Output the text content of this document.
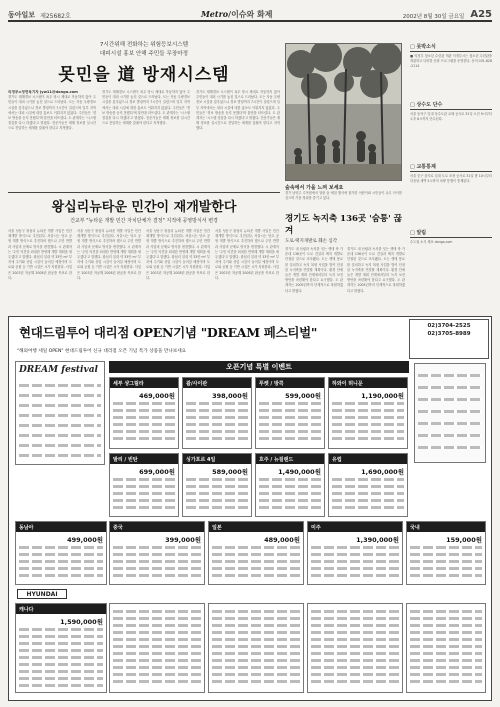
동아일보 제25682호	Metro/이슈와 화제	2002년 8월 30일 금요일 A25
7시간위해 전화하는 위험등보시스템
대피시설 홍보 안해 주민들 무장마정
못민을 道 방재시스템
의정부=정연욱기자 jyw11@donga.com
경기도 재해경보 시스템이 폭우 당시 제대로 작동하지 않아 주민들이 대피 시기를 놓친 것으로 드러났다. 도는 자동 우량경보 시설을 갖추었으나 경보 발령까지 7시간이 걸렸으며 일부 지역에서는 대피 시설에 대한 홍보도 이뤄지지 않았다. 주민들은 '경보 방송을 듣지 못했다'며 불만을 터뜨렸다. 도 관계자는 '시스템 점검을 다시 하겠다'고 밝혔다. 전문가들은 재해 정보를 실시간으로 전달하는 체계를 갖춰야 한다고 지적했다.
경기도 재해경보 시스템이 폭우 당시 제대로 작동하지 않아 주민들이 대피 시기를 놓친 것으로 드러났다. 도는 자동 우량경보 시설을 갖추었으나 경보 발령까지 7시간이 걸렸으며 일부 지역에서는 대피 시설에 대한 홍보도 이뤄지지 않았다. 주민들은 '경보 방송을 듣지 못했다'며 불만을 터뜨렸다. 도 관계자는 '시스템 점검을 다시 하겠다'고 밝혔다. 전문가들은 재해 정보를 실시간으로 전달하는 체계를 갖춰야 한다고 지적했다.
경기도 재해경보 시스템이 폭우 당시 제대로 작동하지 않아 주민들이 대피 시기를 놓친 것으로 드러났다. 도는 자동 우량경보 시설을 갖추었으나 경보 발령까지 7시간이 걸렸으며 일부 지역에서는 대피 시설에 대한 홍보도 이뤄지지 않았다. 주민들은 '경보 방송을 듣지 못했다'며 불만을 터뜨렸다. 도 관계자는 '시스템 점검을 다시 하겠다'고 밝혔다. 전문가들은 재해 정보를 실시간으로 전달하는 체계를 갖춰야 한다고 지적했다.
왕십리뉴타운 민간이 재개발한다
건교부 "뉴타운 개발 민간 자치단체가 결정" 지적에 공영방식서 변경
서울 성동구 왕십리 뉴타운 개발 사업은 민간 재개발 방식으로 추진된다. 서울시는 당초 공영 개발 방식으로 추진하려 했으나 주민 반발과 사업비 문제로 방식을 변경했다. 시 관계자는 '주민 의견을 최대한 반영해 개발 계획을 세우겠다'고 말했다. 왕십리 일대 약 33만 m² 부지에 주거와 상업 시설이 들어설 예정이며 도로와 공원 등 기반 시설은 시가 지원한다. 사업은 2003년 착공해 2008년 완공을 목표로 한다.
서울 성동구 왕십리 뉴타운 개발 사업은 민간 재개발 방식으로 추진된다. 서울시는 당초 공영 개발 방식으로 추진하려 했으나 주민 반발과 사업비 문제로 방식을 변경했다. 시 관계자는 '주민 의견을 최대한 반영해 개발 계획을 세우겠다'고 말했다. 왕십리 일대 약 33만 m² 부지에 주거와 상업 시설이 들어설 예정이며 도로와 공원 등 기반 시설은 시가 지원한다. 사업은 2003년 착공해 2008년 완공을 목표로 한다.
서울 성동구 왕십리 뉴타운 개발 사업은 민간 재개발 방식으로 추진된다. 서울시는 당초 공영 개발 방식으로 추진하려 했으나 주민 반발과 사업비 문제로 방식을 변경했다. 시 관계자는 '주민 의견을 최대한 반영해 개발 계획을 세우겠다'고 말했다. 왕십리 일대 약 33만 m² 부지에 주거와 상업 시설이 들어설 예정이며 도로와 공원 등 기반 시설은 시가 지원한다. 사업은 2003년 착공해 2008년 완공을 목표로 한다.
서울 성동구 왕십리 뉴타운 개발 사업은 민간 재개발 방식으로 추진된다. 서울시는 당초 공영 개발 방식으로 추진하려 했으나 주민 반발과 사업비 문제로 방식을 변경했다. 시 관계자는 '주민 의견을 최대한 반영해 개발 계획을 세우겠다'고 말했다. 왕십리 일대 약 33만 m² 부지에 주거와 상업 시설이 들어설 예정이며 도로와 공원 등 기반 시설은 시가 지원한다. 사업은 2003년 착공해 2008년 완공을 목표로 한다.
숲속에서 가을 느껴 보세요
경기 남양주 수목원에서 열린 숲 체험 행사에 참가한 어린이와 시민들이 나무 사이를 걸으며 가을 정취를 즐기고 있다.
경기도 녹지축 136곳 '숨통' 끊겨
도로·택지개발로 훼손 심각
경기도 내 산림과 녹지를 잇는 생태 축 가운데 136곳이 도로 건설과 택지 개발로 단절된 것으로 조사됐다. 도는 생태 통로를 설치하고 녹지 복원 사업을 벌여 단절된 녹지축을 연결할 계획이다. 환경 단체들은 개발 계획 단계에서부터 녹지 보전 방안을 마련해야 한다고 요구했다. 도 관계자는 2005년까지 단계적으로 복원하겠다고 밝혔다.
경기도 내 산림과 녹지를 잇는 생태 축 가운데 136곳이 도로 건설과 택지 개발로 단절된 것으로 조사됐다. 도는 생태 통로를 설치하고 녹지 복원 사업을 벌여 단절된 녹지축을 연결할 계획이다. 환경 단체들은 개발 계획 단계에서부터 녹지 보전 방안을 마련해야 한다고 요구했다. 도 관계자는 2005년까지 단계적으로 복원하겠다고 밝혔다.
□ 못박소식
■ 의정부 청소년 수련관 개관 의정부시는 청소년 수련관을 개관하고 다양한 문화 프로그램을 운영한다. 문의 031-828-2114
□ 상수도 단수
서울 동작구 일대 상수도관 교체 공사로 31일 오전 9시부터 오후 6시까지 단수된다.
□ 교통통제
서울 중구 을지로 일대 도로 포장 공사로 31일 밤 10시부터 다음날 새벽 5시까지 차량 통행이 통제된다.
□ 알림
수도권 소식 제보 donga.com
현대드림투어 대리점 OPEN기념 "DREAM 페스티벌"	02)3704-2525
02)3705-8989
"해외여행 세일 OPEN" 현대드림투어 신규 대리점 오픈 기념 특가 상품을 만나보세요
DREAM festival	오픈기념 특별 이벤트
세부 샹그릴라
469,000원
괌/사이판
398,000원
푸켓 / 방콕
599,000원
하와이 허니문
1,190,000원
발리 / 빈탄
699,000원
싱가포르 4일
589,000원
호주 / 뉴질랜드
1,490,000원
유럽
1,690,000원
동남아
499,000원
중국
399,000원
일본
489,000원
미주
1,390,000원
국내
159,000원
캐나다
1,590,000원
HYUNDAI
